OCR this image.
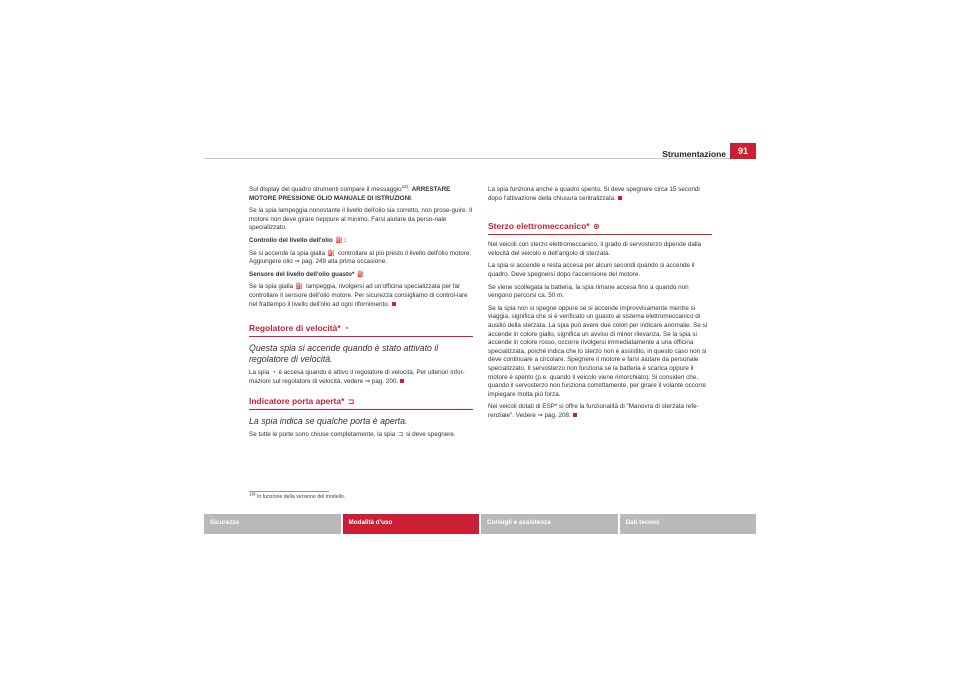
Strumentazione	91

Sul display del quadro strumenti compare il messaggio$^{18)}$: ARRESTARE MOTORE PRESSIONE OLIO MANUALE DI ISTRUZIONI.

Se la spia lampeggia nonostante il livello dell'olio sia corretto, non prose-guire. Il motore non deve girare neppure al minimo. Farsi aiutare da perso-nale specializzato.

Controllo del livello dell'olio ⛽:

Se si accende la spia gialla ⛽ controllare al più presto il livello dell'olio motore. Aggiungere olio ⇒ pag. 249 alla prima occasione.

Sensore del livello dell'olio guasto* ⛽

Se la spia gialla ⛽ lampeggia, rivolgersi ad un'officina specializzata per far controllare il sensore dell'olio motore. Per sicurezza consigliamo di control-lare nel frattempo il livello dell'olio ad ogni rifornimento.

Regolatore di velocità* ◔
Questa spia si accende quando è stato attivato il regolatore di velocità.

La spia ◔ è accesa quando è attivo il regolatore di velocità. Per ulteriori infor-mazioni sul regolatore di velocità, vedere ⇒ pag. 200.

Indicatore porta aperta* ⊐
La spia indica se qualche porta è aperta.

Se tutte le porte sono chiuse completamente, la spia ⊐ si deve spegnere.

La spia funziona anche a quadro spento. Si deve spegnere circa 15 secondi dopo l'attivazione della chiusura centralizzata.

Sterzo elettromeccanico* ⊛

Nei veicoli con sterzo elettromeccanico, il grado di servosterzo dipende dalla velocità del veicolo e dell'angolo di sterzata.

La spia si accende e resta accesa per alcuni secondi quando si accende il quadro. Deve spegnersi dopo l'accensione del motore.

Se viene scollegata la batteria, la spia rimane accesa fino a quando non vengono percorsi ca. 50 m.

Se la spia non si spegne oppure se si accende improvvisamente mentre si viaggia, significa che si è verificato un guasto al sistema elettromeccanico di ausilio della sterzata. La spia può avere due colori per indicare anomalie. Se si accende in colore giallo, significa un avviso di minor rilevanza. Se la spia si accende in colore rosso, occorre rivolgersi immediatamente a una officina specializzata, poiché indica che lo sterzo non è assistito, in questo caso non si deve continuare a circolare. Spegnere il motore e farsi aiutare da personale specializzato. Il servosterzo non funziona se la batteria è scarica oppure il motore è spento (p.e. quando il veicolo viene rimorchiato). Si consideri che, quando il servosterzo non funziona correttamente, per girare il volante occorre impiegare molta più forza.

Nei veicoli dotati di ESP* si offre la funzionalità di "Manovra di sterzata refe-renziale". Vedere ⇒ pag. 208.

18) In funzione della versione del modello.
Sicurezza	Modalità d'uso	Consigli e assistenza	Dati tecnici
